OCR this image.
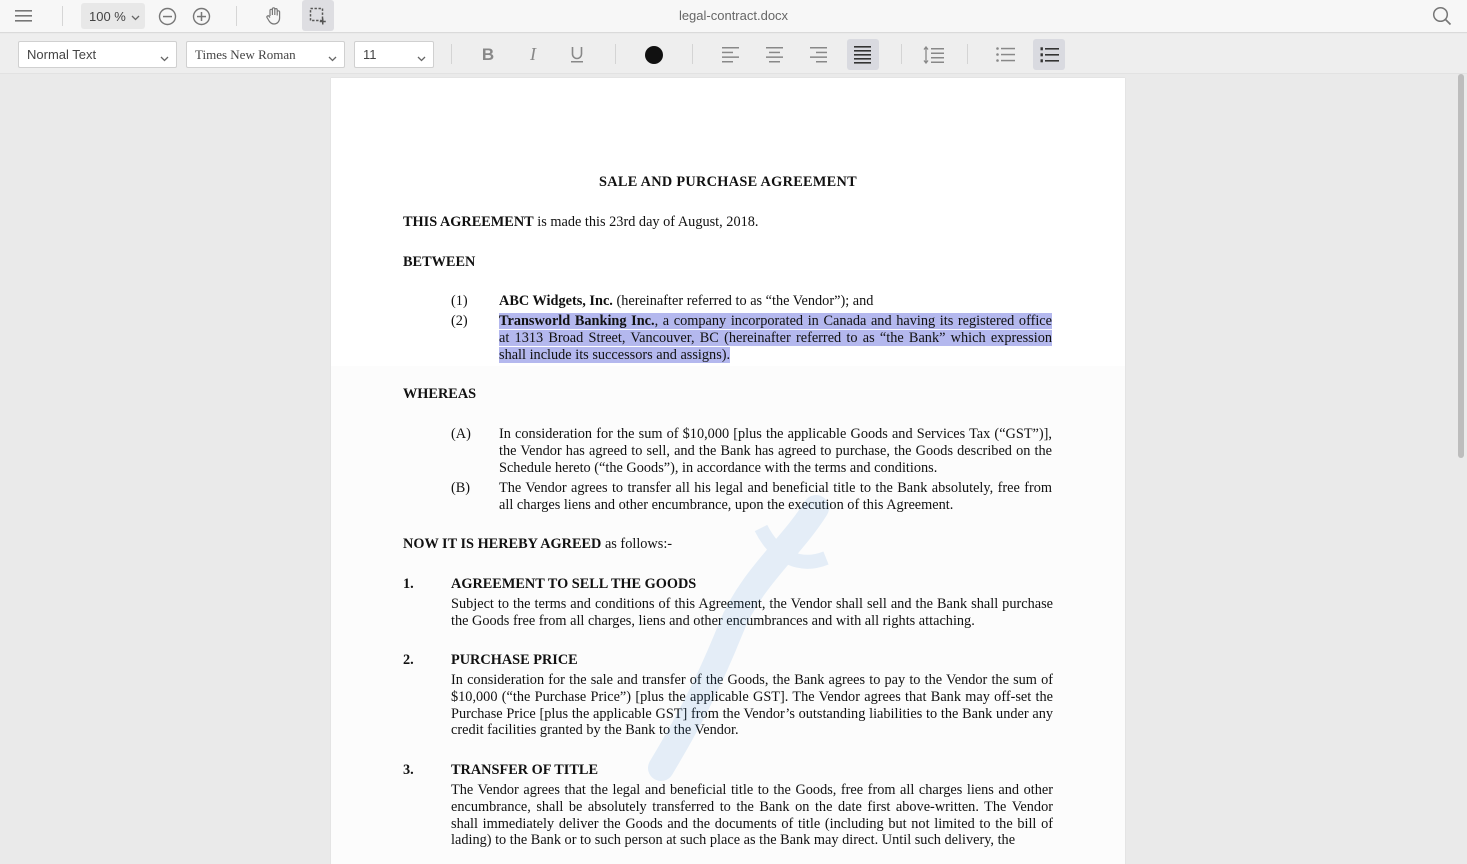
100 %	legal-contract.docx
Normal Text	Times New Roman	11	B I
SALE AND PURCHASE AGREEMENT
THIS AGREEMENT is made this 23rd day of August, 2018.
BETWEEN
(1) ABC Widgets, Inc. (hereinafter referred to as “the Vendor”); and
(2) Transworld Banking Inc., a company incorporated in Canada and having its registered office at 1313 Broad Street, Vancouver, BC (hereinafter referred to as “the Bank” which expression shall include its successors and assigns).
WHEREAS
(A) In consideration for the sum of $10,000 [plus the applicable Goods and Services Tax (“GST”)], the Vendor has agreed to sell, and the Bank has agreed to purchase, the Goods described on the Schedule hereto (“the Goods”), in accordance with the terms and conditions.
(B) The Vendor agrees to transfer all his legal and beneficial title to the Bank absolutely, free from all charges liens and other encumbrance, upon the execution of this Agreement.
NOW IT IS HEREBY AGREED as follows:-
1.	AGREEMENT TO SELL THE GOODS
Subject to the terms and conditions of this Agreement, the Vendor shall sell and the Bank shall purchase the Goods free from all charges, liens and other encumbrances and with all rights attaching.
2.	PURCHASE PRICE
In consideration for the sale and transfer of the Goods, the Bank agrees to pay to the Vendor the sum of $10,000 (“the Purchase Price”) [plus the applicable GST]. The Vendor agrees that Bank may off-set the Purchase Price [plus the applicable GST] from the Vendor’s outstanding liabilities to the Bank under any credit facilities granted by the Bank to the Vendor.
3.	TRANSFER OF TITLE
The Vendor agrees that the legal and beneficial title to the Goods, free from all charges liens and other encumbrance, shall be absolutely transferred to the Bank on the date first above-written. The Vendor shall immediately deliver the Goods and the documents of title (including but not limited to the bill of lading) to the Bank or to such person at such place as the Bank may direct. Until such delivery, the
